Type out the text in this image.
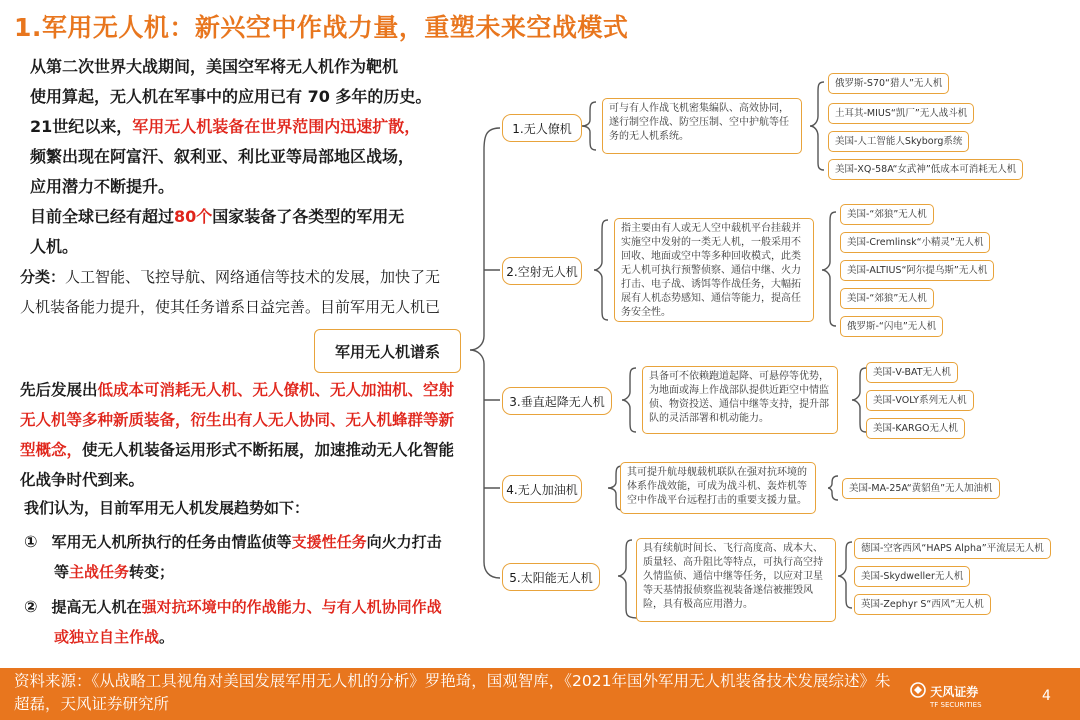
1.军用无人机：新兴空中作战力量，重塑未来空战模式
从第二次世界大战期间，美国空军将无人机作为靶机
使用算起，无人机在军事中的应用已有 70 多年的历史。
21世纪以来，军用无人机装备在世界范围内迅速扩散，
频繁出现在阿富汗、叙利亚、利比亚等局部地区战场，
应用潜力不断提升。
目前全球已经有超过80个国家装备了各类型的军用无
人机。
分类：人工智能、飞控导航、网络通信等技术的发展，加快了无
人机装备能力提升，使其任务谱系日益完善。目前军用无人机已
军用无人机谱系
先后发展出低成本可消耗无人机、无人僚机、无人加油机、空射
无人机等多种新质装备，衍生出有人无人协同、无人机蜂群等新
型概念，使无人机装备运用形式不断拓展，加速推动无人化智能
化战争时代到来。
我们认为，目前军用无人机发展趋势如下：
① 军用无人机所执行的任务由情监侦等支援性任务向火力打击
等主战任务转变；
② 提高无人机在强对抗环境中的作战能力、与有人机协同作战
或独立自主作战。
1.无人僚机
可与有人作战飞机密集编队、高效协同，遂行制空作战、防空压制、空中护航等任务的无人机系统。
俄罗斯-S70“猎人”无人机
土耳其-MIUS“凯厂”无人战斗机
美国-人工智能人Skyborg系统
美国-XQ-58A“女武神”低成本可消耗无人机
2.空射无人机
指主要由有人或无人空中载机平台挂载并实施空中发射的一类无人机，一般采用不回收、地面或空中等多种回收模式，此类无人机可执行预警侦察、通信中继、火力打击、电子战、诱饵等作战任务，大幅拓展有人机态势感知、通信等能力，提高任务安全性。
美国-“郊狼”无人机
美国-Cremlinsk“小精灵”无人机
美国-ALTIUS“阿尔提乌斯”无人机
美国-“郊狼”无人机
俄罗斯-“闪电”无人机
3.垂直起降无人机
具备可不依赖跑道起降、可悬停等优势，为地面或海上作战部队提供近距空中情监侦、物资投送、通信中继等支持，提升部队的灵活部署和机动能力。
美国-V-BAT无人机
美国-VOLY系列无人机
美国-KARGO无人机
4.无人加油机
其可提升航母舰载机联队在强对抗环境的体系作战效能，可成为战斗机、轰炸机等空中作战平台远程打击的重要支援力量。
美国-MA-25A“黄貂鱼”无人加油机
5.太阳能无人机
具有续航时间长、飞行高度高、成本大、质量轻、高升阻比等特点，可执行高空持久情监侦、通信中继等任务，以应对卫星等天基情报侦察监视装备遂信被摧毁风险，具有极高应用潜力。
德国-空客西风“HAPS Alpha”平流层无人机
美国-Skydweller无人机
英国-Zephyr S“西风”无人机
资料来源：《从战略工具视角对美国发展军用无人机的分析》罗艳琦，国观智库，《2021年国外军用无人机装备技术发展综述》朱超磊，天风证券研究所
天风证券
TF SECURITIES
4
